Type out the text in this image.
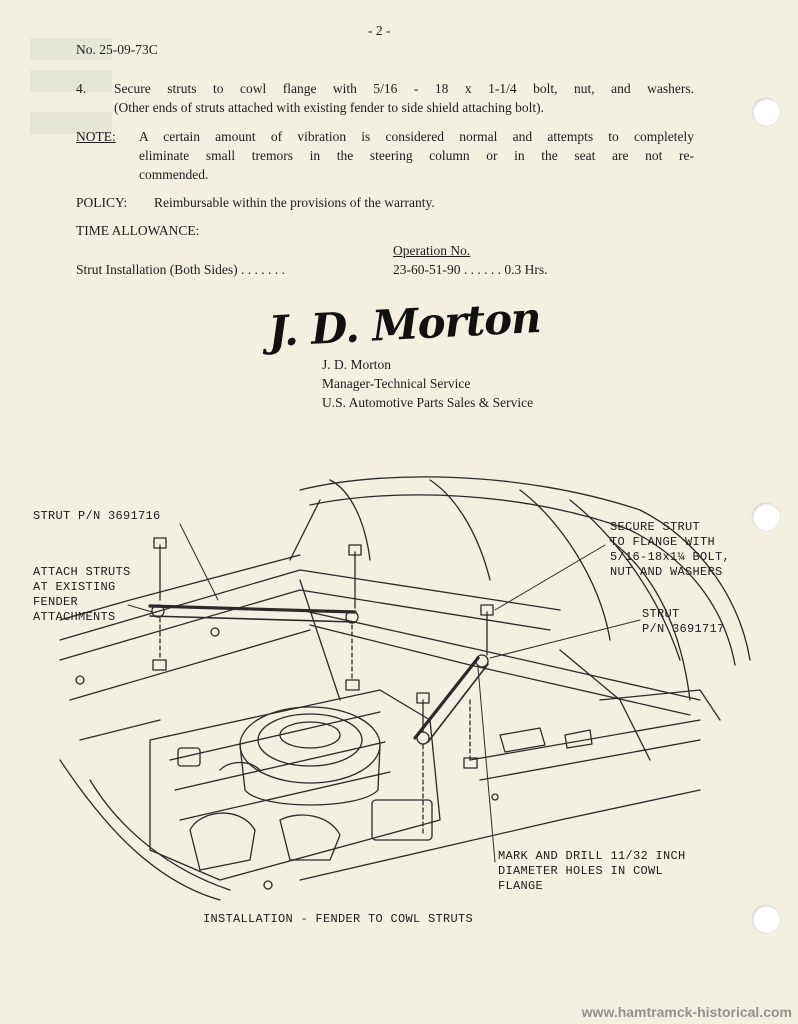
- 2 -
No. 25-09-73C
4. Secure struts to cowl flange with 5/16 - 18 x 1-1/4 bolt, nut, and washers.
(Other ends of struts attached with existing fender to side shield attaching bolt).
NOTE: A certain amount of vibration is considered normal and attempts to completely
eliminate small tremors in the steering column or in the seat are not re-
commended.
POLICY: Reimbursable within the provisions of the warranty.
TIME ALLOWANCE:
Operation No.
Strut Installation (Both Sides) . . . . . . .	23-60-51-90 . . . . . . 0.3 Hrs.
J. D. Morton
J. D. Morton
Manager-Technical Service
U.S. Automotive Parts Sales & Service
STRUT P/N 3691716
ATTACH STRUTS
AT EXISTING
FENDER
ATTACHMENTS
SECURE STRUT
TO FLANGE WITH
5/16-18x1¼ BOLT,
NUT AND WASHERS
STRUT
P/N 3691717
MARK AND DRILL 11/32 INCH
DIAMETER HOLES IN COWL
FLANGE
INSTALLATION - FENDER TO COWL STRUTS
www.hamtramck-historical.com
